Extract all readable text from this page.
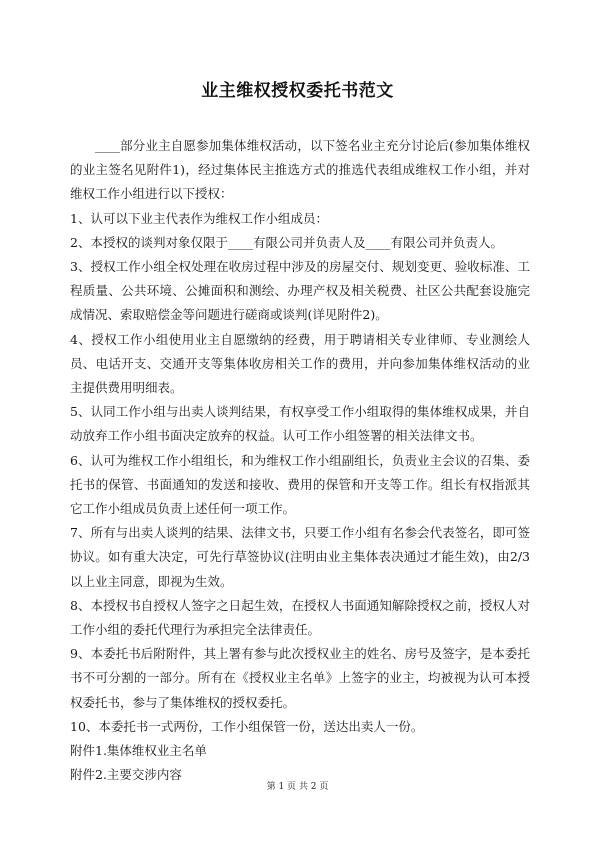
业主维权授权委托书范文

____部分业主自愿参加集体维权活动，以下签名业主充分讨论后(参加集体维权的业主签名见附件1)，经过集体民主推选方式的推选代表组成维权工作小组，并对维权工作小组进行以下授权：

1、认可以下业主代表作为维权工作小组成员：

2、本授权的谈判对象仅限于____有限公司并负责人及____有限公司并负责人。

3、授权工作小组全权处理在收房过程中涉及的房屋交付、规划变更、验收标准、工程质量、公共环境、公摊面积和测绘、办理产权及相关税费、社区公共配套设施完成情况、索取赔偿金等问题进行磋商或谈判(详见附件2)。

4、授权工作小组使用业主自愿缴纳的经费，用于聘请相关专业律师、专业测绘人员、电话开支、交通开支等集体收房相关工作的费用，并向参加集体维权活动的业主提供费用明细表。

5、认同工作小组与出卖人谈判结果，有权享受工作小组取得的集体维权成果，并自动放弃工作小组书面决定放弃的权益。认可工作小组签署的相关法律文书。

6、认可为维权工作小组组长，和为维权工作小组副组长，负责业主会议的召集、委托书的保管、书面通知的发送和接收、费用的保管和开支等工作。组长有权指派其它工作小组成员负责上述任何一项工作。

7、所有与出卖人谈判的结果、法律文书，只要工作小组有名参会代表签名，即可签协议。如有重大决定，可先行草签协议(注明由业主集体表决通过才能生效)，由2/3以上业主同意，即视为生效。

8、本授权书自授权人签字之日起生效，在授权人书面通知解除授权之前，授权人对工作小组的委托代理行为承担完全法律责任。

9、本委托书后附附件，其上署有参与此次授权业主的姓名、房号及签字，是本委托书不可分割的一部分。所有在《授权业主名单》上签字的业主，均被视为认可本授权委托书，参与了集体维权的授权委托。

10、本委托书一式两份，工作小组保管一份，送达出卖人一份。

附件1.集体维权业主名单

附件2.主要交涉内容

第 1 页 共 2 页
